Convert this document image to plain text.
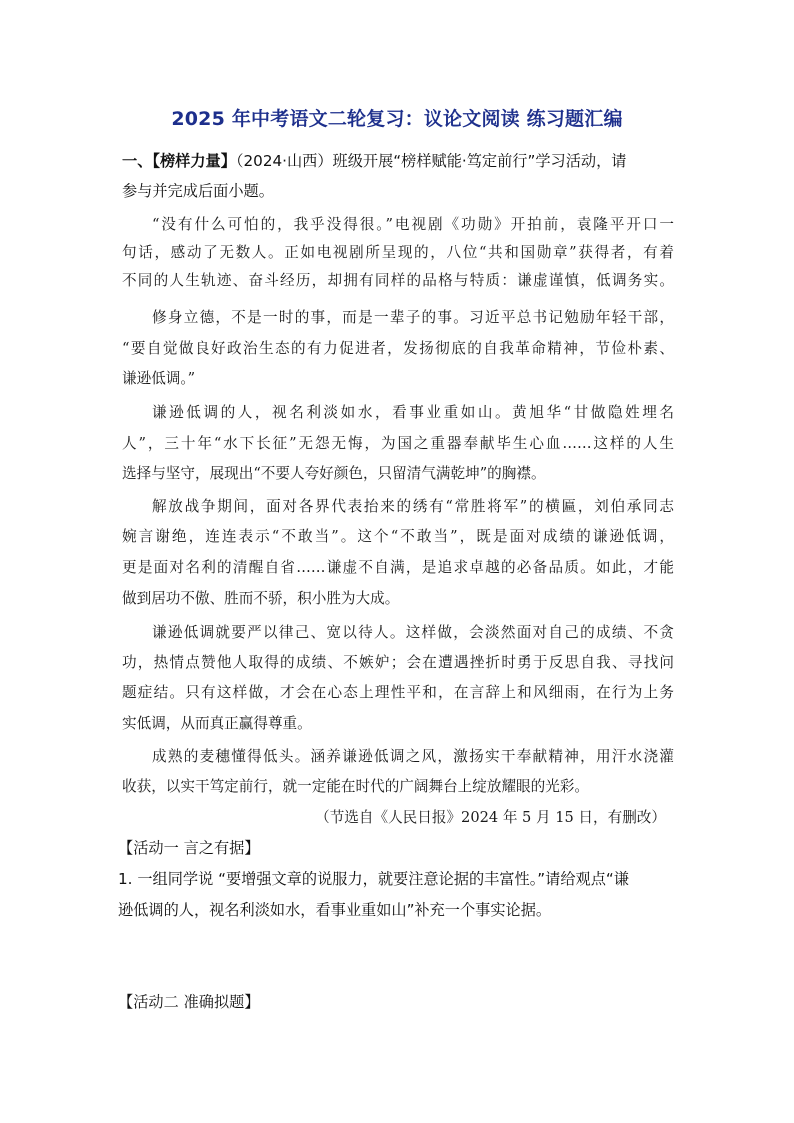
2025 年中考语文二轮复习：议论文阅读 练习题汇编
一、【榜样力量】（2024·山西）班级开展“榜样赋能·笃定前行”学习活动，请
参与并完成后面小题。
“没有什么可怕的，我乎没得很。”电视剧《功勋》开拍前，袁隆平开口一
句话，感动了无数人。正如电视剧所呈现的，八位“共和国勋章”获得者，有着
不同的人生轨迹、奋斗经历，却拥有同样的品格与特质：谦虚谨慎，低调务实。
修身立德，不是一时的事，而是一辈子的事。习近平总书记勉励年轻干部，
“要自觉做良好政治生态的有力促进者，发扬彻底的自我革命精神，节俭朴素、
谦逊低调。”
谦逊低调的人，视名利淡如水，看事业重如山。黄旭华“甘做隐姓埋名
人”，三十年“水下长征”无怨无悔，为国之重器奉献毕生心血……这样的人生
选择与坚守，展现出“不要人夸好颜色，只留清气满乾坤”的胸襟。
解放战争期间，面对各界代表抬来的绣有“常胜将军”的横匾，刘伯承同志
婉言谢绝，连连表示“不敢当”。这个“不敢当”，既是面对成绩的谦逊低调，
更是面对名利的清醒自省……谦虚不自满，是追求卓越的必备品质。如此，才能
做到居功不傲、胜而不骄，积小胜为大成。
谦逊低调就要严以律己、宽以待人。这样做，会淡然面对自己的成绩、不贪
功，热情点赞他人取得的成绩、不嫉妒；会在遭遇挫折时勇于反思自我、寻找问
题症结。只有这样做，才会在心态上理性平和，在言辞上和风细雨，在行为上务
实低调，从而真正赢得尊重。
成熟的麦穗懂得低头。涵养谦逊低调之风，激扬实干奉献精神，用汗水浇灌
收获，以实干笃定前行，就一定能在时代的广阔舞台上绽放耀眼的光彩。
（节选自《人民日报》2024 年 5 月 15 日，有删改）
【活动一 言之有据】
1. 一组同学说 “要增强文章的说服力，就要注意论据的丰富性。”请给观点“谦
逊低调的人，视名利淡如水，看事业重如山”补充一个事实论据。
【活动二 准确拟题】
